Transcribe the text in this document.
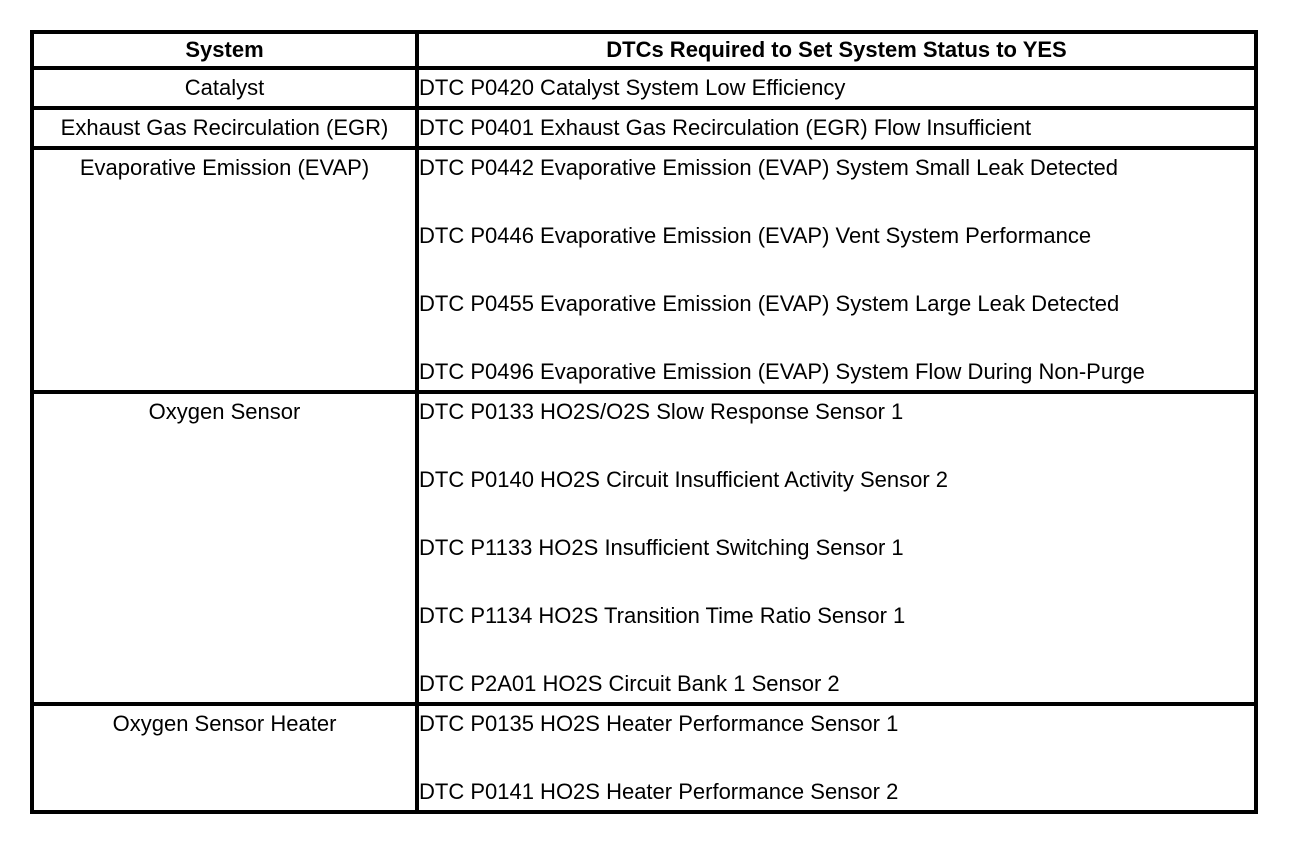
System	DTCs Required to Set System Status to YES

Catalyst	DTC P0420 Catalyst System Low Efficiency

Exhaust Gas Recirculation (EGR)	DTC P0401 Exhaust Gas Recirculation (EGR) Flow Insufficient

Evaporative Emission (EVAP)	DTC P0442 Evaporative Emission (EVAP) System Small Leak Detected
DTC P0446 Evaporative Emission (EVAP) Vent System Performance
DTC P0455 Evaporative Emission (EVAP) System Large Leak Detected
DTC P0496 Evaporative Emission (EVAP) System Flow During Non-Purge

Oxygen Sensor	DTC P0133 HO2S/O2S Slow Response Sensor 1
DTC P0140 HO2S Circuit Insufficient Activity Sensor 2
DTC P1133 HO2S Insufficient Switching Sensor 1
DTC P1134 HO2S Transition Time Ratio Sensor 1
DTC P2A01 HO2S Circuit Bank 1 Sensor 2

Oxygen Sensor Heater	DTC P0135 HO2S Heater Performance Sensor 1
DTC P0141 HO2S Heater Performance Sensor 2
